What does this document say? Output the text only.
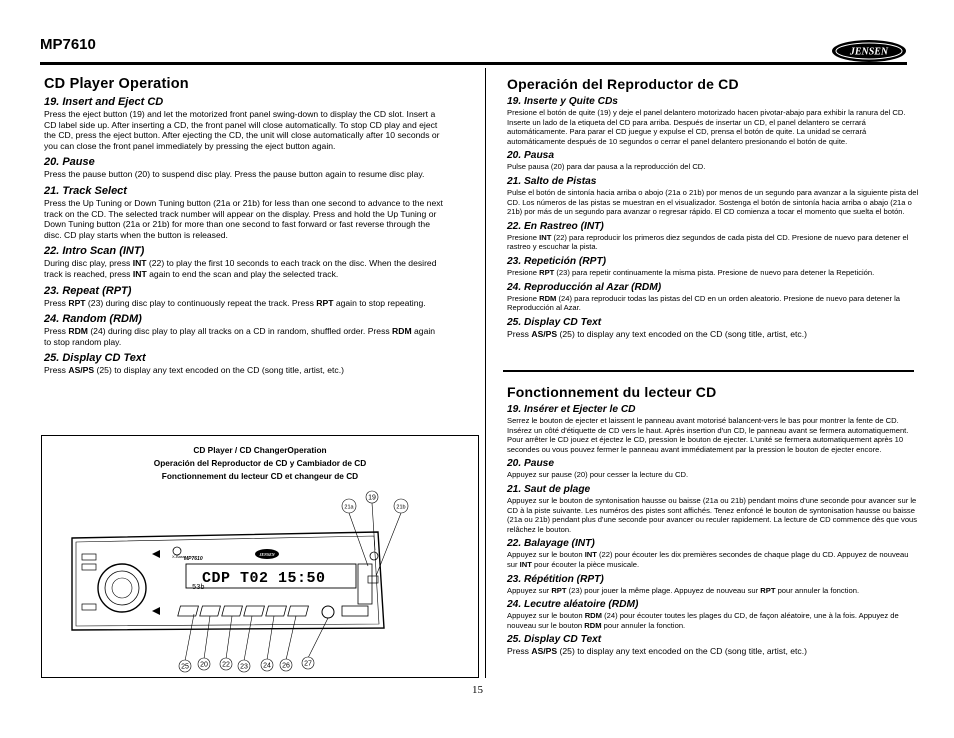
MP7610	JENSEN
CD Player Operation
19. Insert and Eject CD
Press the eject button (19) and let the motorized front panel swing-down to display the CD slot. Insert a CD label side up. After inserting a CD, the front panel will close automatically. To stop CD play and eject the CD, press the eject button. After ejecting the CD, the unit will close automatically after 10 seconds or you can close the front panel immediately by pressing the eject button again.
20. Pause
Press the pause button (20) to suspend disc play. Press the pause button again to resume disc play.
21. Track Select
Press the Up Tuning or Down Tuning button (21a or 21b) for less than one second to advance to the next track on the CD. The selected track number will appear on the display. Press and hold the Up Tuning or Down Tuning button (21a or 21b) for more than one second to fast forward or fast reverse through the disc. CD play starts when the button is released.
22. Intro Scan (INT)
During disc play, press INT (22) to play the first 10 seconds to each track on the disc. When the desired track is reached, press INT again to end the scan and play the selected track.
23. Repeat (RPT)
Press RPT (23) during disc play to continuously repeat the track. Press RPT again to stop repeating.
24. Random (RDM)
Press RDM (24) during disc play to play all tracks on a CD in random, shuffled order. Press RDM again to stop random play.
25. Display CD Text
Press AS/PS (25) to display any text encoded on the CD (song title, artist, etc.)
Operación del Reproductor de CD
19. Inserte y Quite CDs
Presione el botón de quite (19) y deje el panel delantero motorizado hacen pivotar-abajo para exhibir la ranura del CD. Inserte un lado de la etiqueta del CD para arriba. Después de insertar un CD, el panel delantero se cerrará automáticamente. Para parar el CD juegue y expulse el CD, prensa el botón de quite. La unidad se cerrará automáticamente después de 10 segundos o cerrar el panel delantero presionando el botón de quite.
20. Pausa
Pulse pausa (20) para dar pausa a la reproducción del CD.
21. Salto de Pistas
Pulse el botón de sintonía hacia arriba o abojo (21a o 21b) por menos de un segundo para avanzar a la siguiente pista del CD. Los números de las pistas se muestran en el visualizador. Sostenga el botón de sintonía hacia arriba o abajo (21a o 21b) por más de un segundo para avanzar o regresar rápido. El CD comienza a tocar el momento que suelta el botón.
22. En Rastreo (INT)
Presione INT (22) para reproducir los primeros diez segundos de cada pista del CD. Presione de nuevo para detener el rastreo y escuchar la pista.
23. Repetición (RPT)
Presione RPT (23) para repetir continuamente la misma pista. Presione de nuevo para detener la Repetición.
24. Reproducción al Azar (RDM)
Presione RDM (24) para reproducir todas las pistas del CD en un orden aleatorio. Presione de nuevo para detener la Reproducción al Azar.
25. Display CD Text
Press AS/PS (25) to display any text encoded on the CD (song title, artist, etc.)
Fonctionnement du lecteur CD
19. Insérer et Ejecter le CD
Serrez le bouton de ejecter et laissent le panneau avant motorisé balancent-vers le bas pour montrer la fente de CD. Insérez un côté d'étiquette de CD vers le haut. Après insertion d'un CD, le panneau avant se fermera automatiquement. Pour arrêter le CD jouez et éjectez le CD, pression le bouton de ejecter. L'unité se fermera automatiquement après 10 secondes ou vous pouvez fermer le panneau avant immédiatement par la pression le bouton de ejecter encore.
20. Pause
Appuyez sur pause (20) pour cesser la lecture du CD.
21. Saut de plage
Appuyez sur le bouton de syntonisation hausse ou baisse (21a ou 21b) pendant moins d'une seconde pour avancer sur le CD à la piste suivante. Les numéros des pistes sont affichés. Tenez enfoncé le bouton de syntonisation hausse ou baisse (21a ou 21b) pendant plus d'une seconde pour avancer ou reculer rapidement. La lecture de CD commence dès que vous relâchez le bouton.
22. Balayage (INT)
Appuyez sur le bouton INT (22) pour écouter les dix premières secondes de chaque plage du CD. Appuyez de nouveau sur INT pour écouter la pièce musicale.
23. Répétition (RPT)
Appuyez sur RPT (23) pour jouer la même plage. Appuyez de nouveau sur RPT pour annuler la fonction.
24. Lecutre aléatoire (RDM)
Appuyez sur le bouton RDM (24) pour écouter toutes les plages du CD, de façon aléatoire, une à la fois. Appuyez de nouveau sur le bouton RDM pour annuler la fonction.
25. Display CD Text
Press AS/PS (25) to display any text encoded on the CD (song title, artist, etc.)
CD Player / CD ChangerOperation
Operación del Reproductor de CD y Cambiador de CD
Fonctionnement du lecteur CD et changeur de CD
X-Bass MP7610
JENSEN
CDP T02 15:50
53b
19
21a	21b
25 20 22 23 24 26 27
15
